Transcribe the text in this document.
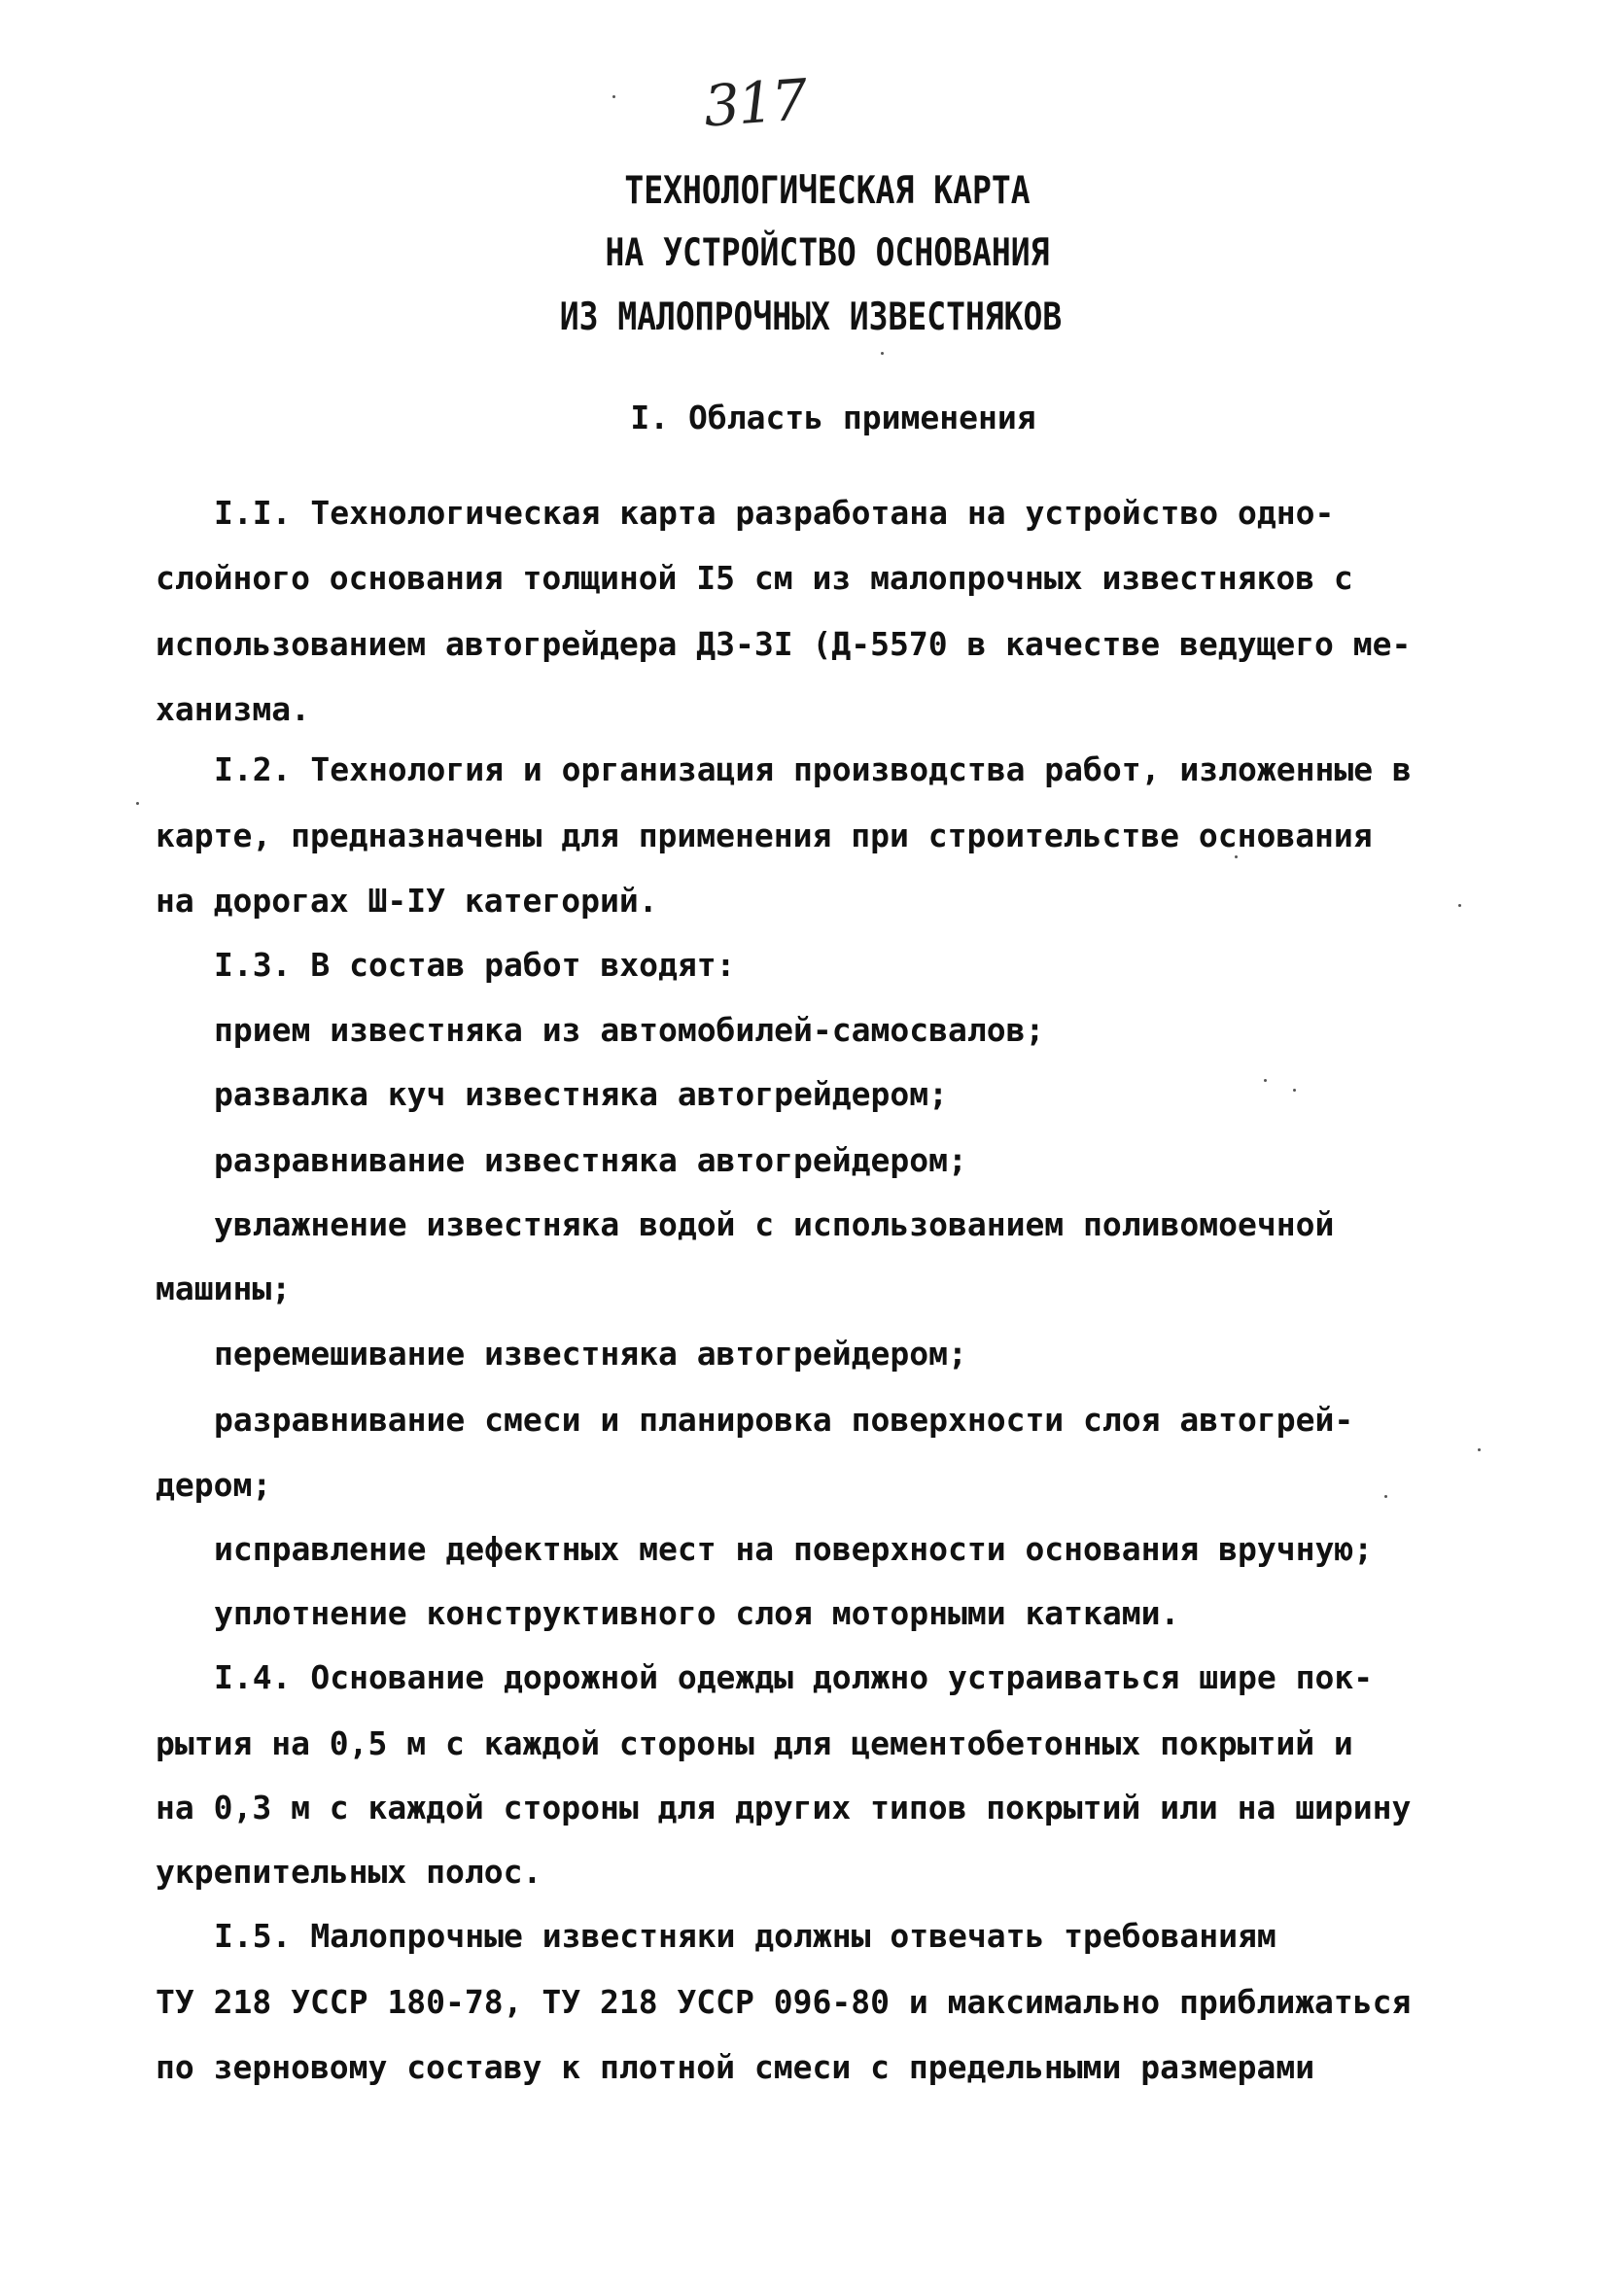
317
ТЕХНОЛОГИЧЕСКАЯ КАРТА
НА УСТРОЙСТВО ОСНОВАНИЯ
ИЗ МАЛОПРОЧНЫХ ИЗВЕСТНЯКОВ
I. Область применения
I.I. Технологическая карта разработана на устройство одно-
слойного основания толщиной I5 см из малопрочных известняков с
использованием автогрейдера ДЗ-3I (Д-5570 в качестве ведущего ме-
ханизма.
I.2. Технология и организация производства работ, изложенные в
карте, предназначены для применения при строительстве основания
на дорогах Ш-IУ категорий.
I.3. В состав работ входят:
прием известняка из автомобилей-самосвалов;
развалка куч известняка автогрейдером;
разравнивание известняка автогрейдером;
увлажнение известняка водой с использованием поливомоечной
машины;
перемешивание известняка автогрейдером;
разравнивание смеси и планировка поверхности слоя автогрей-
дером;
исправление дефектных мест на поверхности основания вручную;
уплотнение конструктивного слоя моторными катками.
I.4. Основание дорожной одежды должно устраиваться шире пок-
рытия на 0,5 м с каждой стороны для цементобетонных покрытий и
на 0,3 м с каждой стороны для других типов покрытий или на ширину
укрепительных полос.
I.5. Малопрочные известняки должны отвечать требованиям
ТУ 218 УССР 180-78, ТУ 218 УССР 096-80 и максимально приближаться
по зерновому составу к плотной смеси с предельными размерами
